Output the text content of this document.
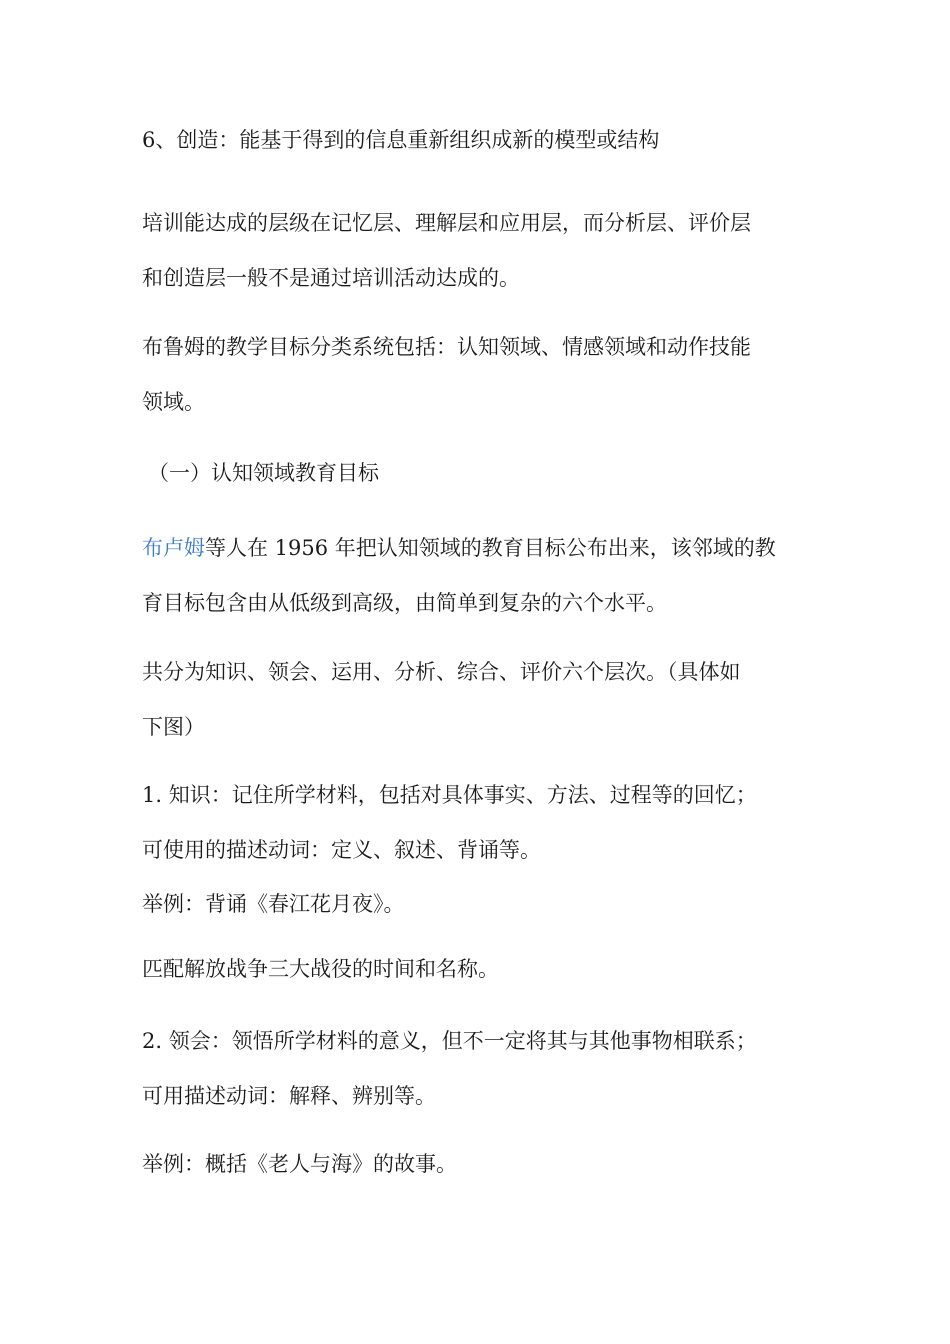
6、创造：能基于得到的信息重新组织成新的模型或结构

培训能达成的层级在记忆层、理解层和应用层，而分析层、评价层
和创造层一般不是通过培训活动达成的。

布鲁姆的教学目标分类系统包括：认知领域、情感领域和动作技能
领域。

（一）认知领域教育目标

布卢姆等人在 1956 年把认知领域的教育目标公布出来，该邻域的教
育目标包含由从低级到高级，由简单到复杂的六个水平。

共分为知识、领会、运用、分析、综合、评价六个层次。（具体如
下图）

1. 知识：记住所学材料，包括对具体事实、方法、过程等的回忆；
可使用的描述动词：定义、叙述、背诵等。

举例：背诵《春江花月夜》。

匹配解放战争三大战役的时间和名称。

2. 领会：领悟所学材料的意义，但不一定将其与其他事物相联系；
可用描述动词：解释、辨别等。

举例：概括《老人与海》的故事。
